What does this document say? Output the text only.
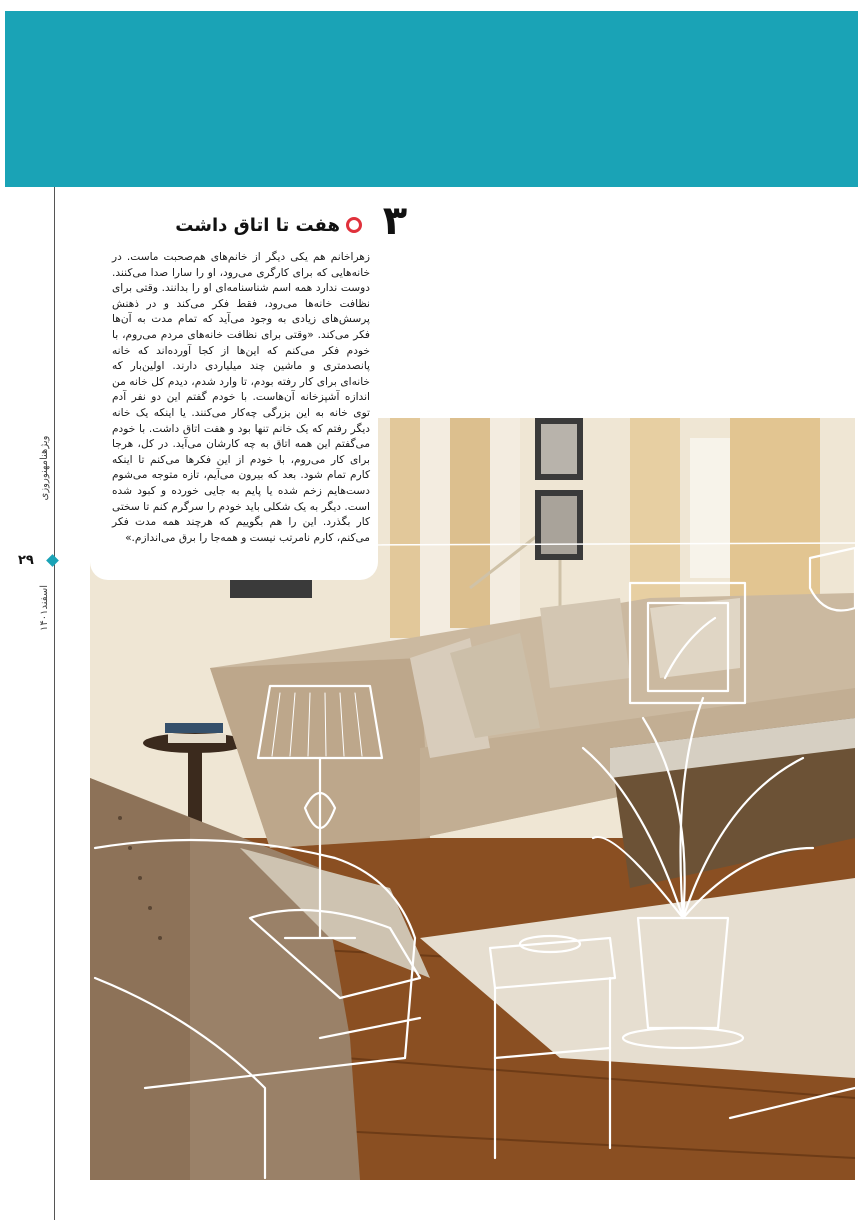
ویژهنامهنوروزی
۲۹
اسفند۱۴۰۱
۳
هفت تا اتاق داشت

زهراخانم هم یکی دیگر از خانم‌های هم‌صحبت ماست. در خانه‌هایی که برای کارگری می‌رود، او را سارا صدا می‌کنند. دوست ندارد همه اسم شناسنامه‌ای او را بدانند. وقتی برای نظافت خانه‌ها می‌رود، فقط فکر می‌کند و در ذهنش پرسش‌های زیادی به وجود می‌آید که تمام مدت به آن‌ها فکر می‌کند. «وقتی برای نظافت خانه‌های مردم می‌روم، با خودم فکر می‌کنم که این‌ها از کجا آورده‌اند که خانه پانصدمتری و ماشین چند میلیاردی دارند. اولین‌بار که خانه‌ای برای کار رفته بودم، تا وارد شدم، دیدم کل خانه من اندازه آشپزخانه آن‌هاست. با خودم گفتم این دو نفر آدم توی خانه به این بزرگی چه‌کار می‌کنند. یا اینکه یک خانه دیگر رفتم که یک خانم تنها بود و هفت اتاق داشت. با خودم می‌گفتم این همه اتاق به چه کارشان می‌آید. در کل، هرجا برای کار می‌روم، با خودم از این فکرها می‌کنم تا اینکه کارم تمام شود. بعد که بیرون می‌آیم، تازه متوجه می‌شوم دست‌هایم زخم شده یا پایم به جایی خورده و کبود شده است. دیگر به یک شکلی باید خودم را سرگرم کنم تا سختی کار بگذرد. این را هم بگوییم که هرچند همه مدت فکر می‌کنم، کارم نامرتب نیست و همه‌جا را برق می‌اندازم.»
